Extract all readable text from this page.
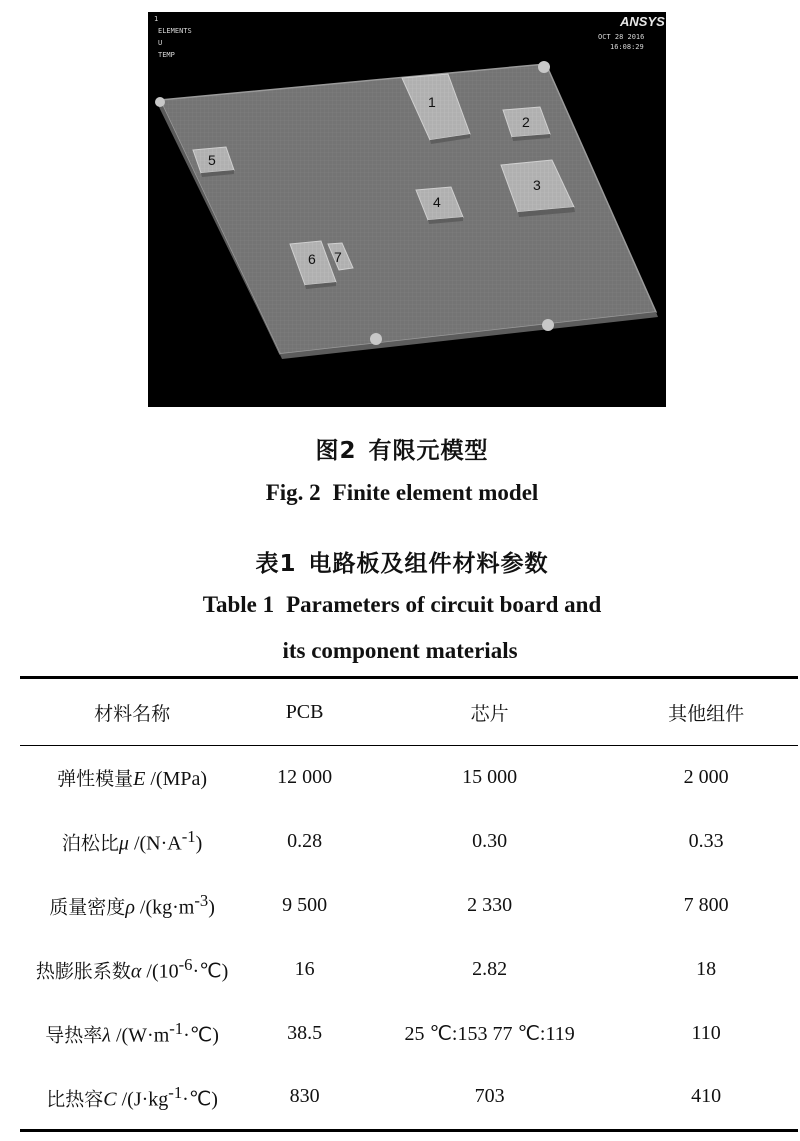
1
ELEMENTS
U
TEMP
ANSYS
OCT 28 2016
16:08:29
1
2
3
4
5
6 7
图2 有限元模型
Fig. 2 Finite element model
表1 电路板及组件材料参数
Table 1 Parameters of circuit board and
its component materials
材料名称	PCB	芯片	其他组件
弹性模量E /(MPa)	12 000	15 000	2 000
泊松比μ $/(N\cdot A^{-1})$	0.28	0.30	0.33
质量密度ρ $/(kg\cdot m^{-3})$	9 500	2 330	7 800
热膨胀系数α $/(10^{-6}\cdot℃)$	16	2.82	18
导热率λ $/(W\cdot m^{-1}\cdot℃)$	38.5	25 ℃:153 77 ℃:119	110
比热容C $/(J\cdot kg^{-1}\cdot℃)$	830	703	410
